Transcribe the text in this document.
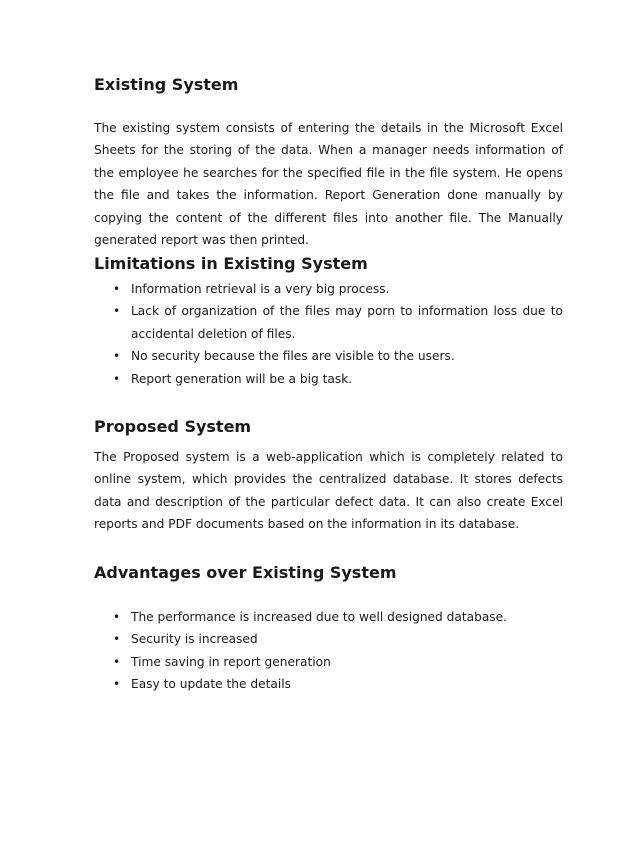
Existing System

The existing system consists of entering the details in the Microsoft Excel Sheets for the storing of the data. When a manager needs information of the employee he searches for the specified file in the file system. He opens the file and takes the information. Report Generation done manually by copying the content of the different files into another file. The Manually generated report was then printed.

Limitations in Existing System
• Information retrieval is a very big process.
• Lack of organization of the files may porn to information loss due to accidental deletion of files.
• No security because the files are visible to the users.
• Report generation will be a big task.
Proposed System

The Proposed system is a web-application which is completely related to online system, which provides the centralized database. It stores defects data and description of the particular defect data. It can also create Excel reports and PDF documents based on the information in its database.

Advantages over Existing System
• The performance is increased due to well designed database.
• Security is increased
• Time saving in report generation
• Easy to update the details
